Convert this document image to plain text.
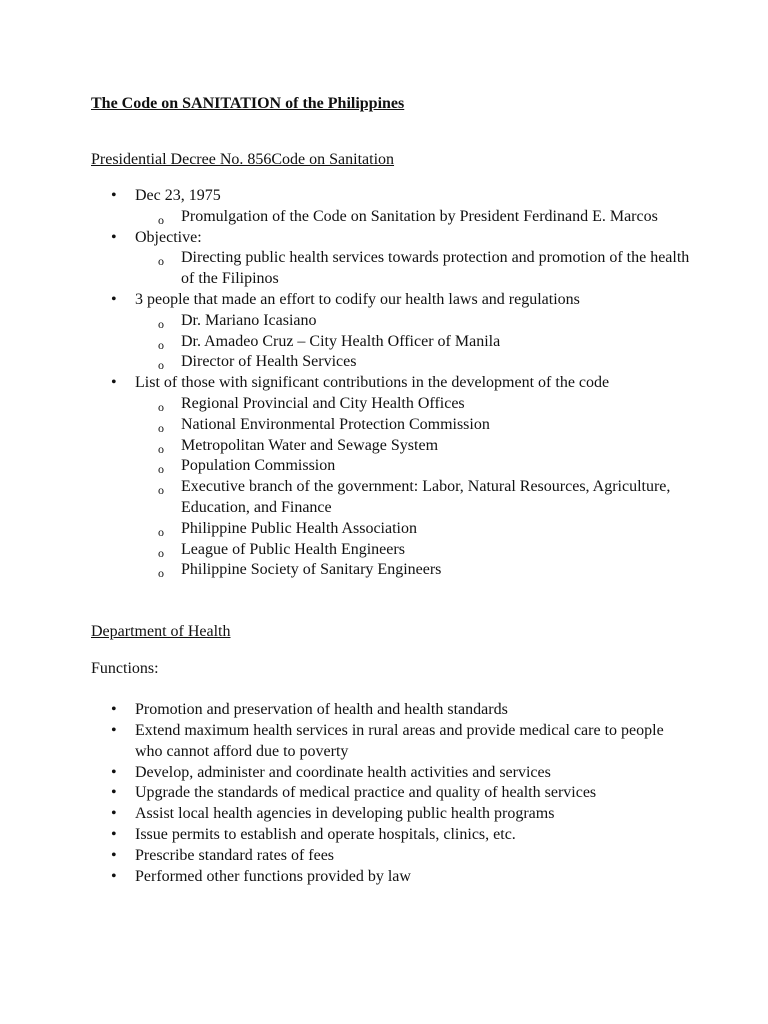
The Code on SANITATION of the Philippines

Presidential Decree No. 856Code on Sanitation

• Dec 23, 1975
o Promulgation of the Code on Sanitation by President Ferdinand E. Marcos
• Objective:
o Directing public health services towards protection and promotion of the health of the Filipinos
• 3 people that made an effort to codify our health laws and regulations
o Dr. Mariano Icasiano
o Dr. Amadeo Cruz – City Health Officer of Manila
o Director of Health Services
• List of those with significant contributions in the development of the code
o Regional Provincial and City Health Offices
o National Environmental Protection Commission
o Metropolitan Water and Sewage System
o Population Commission
o Executive branch of the government: Labor, Natural Resources, Agriculture, Education, and Finance
o Philippine Public Health Association
o League of Public Health Engineers
o Philippine Society of Sanitary Engineers

Department of Health

Functions:

• Promotion and preservation of health and health standards
• Extend maximum health services in rural areas and provide medical care to people who cannot afford due to poverty
• Develop, administer and coordinate health activities and services
• Upgrade the standards of medical practice and quality of health services
• Assist local health agencies in developing public health programs
• Issue permits to establish and operate hospitals, clinics, etc.
• Prescribe standard rates of fees
• Performed other functions provided by law
